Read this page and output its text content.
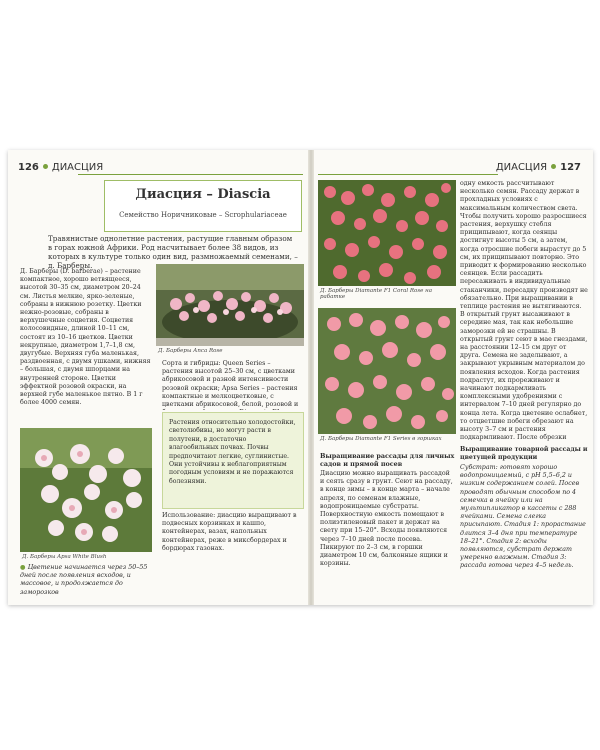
126 ДИАСЦИЯ	ДИАСЦИЯ 127
Диасция – Diascia
Семейство Норичниковые – Scrophulariaceae
Травянистые однолетние растения, растущие главным образом в горах южной Африки. Род насчитывает более 38 видов, из которых в культуре только один вид, размножаемый семенами, – д. Барберы.
Д. Барберы (D. barberae) – растение компактное, хорошо ветвящееся, высотой 30–35 см, диаметром 20–24 см. Листья мелкие, ярко-зеленые, собраны в нижнюю розетку. Цветки нежно-розовые, собраны в верхушечные соцветия. Соцветия колосовидные, длиной 10–11 см, состоят из 10–16 цветков. Цветки некрупные, диаметром 1,7–1,8 см, двугубые. Верхняя губа маленькая, раздвоенная, с двумя ушками, нижняя – большая, с двумя шпорцами на внутренней стороне. Цветки эффектной розовой окраски, на верхней губе маленькое пятно. В 1 г более 4000 семян.
Д. Барберы Апса Rose
Сорта и гибриды: Queen Series – растения высотой 25–30 см, с цветками абрикосовой и разной интенсивности розовой окраски; Apsa Series – растения компактные и мелкоцветковые, с цветками абрикосовой, белой, розовой и
Д. Барберы Apsa White Blush
Растения относительно холодостойки, светолюбивы, но могут расти в полутени, в достаточно влагообильных почвах. Почвы предпочитают легкие, суглинистые. Они устойчивы к неблагоприятным погодным условиям и не поражаются болезнями.
● Цветение начинается через 50–55 дней после появления всходов, и массовое, и продолжается до заморозков
Использование: диасцию выращивают в подвесных корзинках и кашпо, контейнерах, вазах, напольных контейнерах, реже в миксбордерах и бордюрах газонах.
Д. Барберы Diamante F1 Coral Rose на рабатке
Д. Барберы Diamante F1 Series в горшках
одну емкость рассчитывают несколько семян. Рассаду держат в прохладных условиях с максимальным количеством света. Чтобы получить хорошо разросшиеся растения, верхушку стебля прищипывают, когда сеянцы достигнут высоты 5 см, а затем, когда отросшие побеги вырастут до 5 см, их прищипывают повторно. Это приводит к формированию несколько сеянцев. Если рассадить пересаживать в индивидуальные стаканчики, пересадку производят не обязательно. При выращивании в теплице растения не вытягиваются. В открытый грунт высаживают в середине мая, так как небольшие заморозки ей не страшны. В открытый грунт сеют в мае гнездами, на расстоянии 12–15 см друг от друга. Семена не заделывают, а закрывают укрывным материалом до появления всходов. Когда растения подрастут, их прореживают и начинают подкармливать комплексными удобрениями с интервалом 7–10 дней регулярно до конца лета. Когда цветение ослабнет, то отцветшие побеги обрезают на высоту 3–7 см и растения подкармливают. После обрезки
Выращивание рассады для личных садов и прямой посев
Диасцию можно выращивать рассадой и сеять сразу в грунт. Сеют на рассаду, в конце зимы – в конце марта – начале апреля, по семенам влажные, водопроницаемые субстраты. Поверхностную емкость помещают в полиэтиленовый пакет и держат на свету при 15–20°. Всходы появляются через 7–10 дней после посева. Пикируют по 2–3 см, в горшки диаметром 10 см, балконные ящики и корзины.
Выращивание товарной рассады и цветущей продукции
Субстрат: готовят хорошо водопроницаемый, с pH 5,5–6,2 и низким содержанием солей. Посев проводят обычным способом по 4 семечка в ячейку или на мультипликатор в кассеты с 288 ячейками. Семена слегка присыпают. Стадия 1: прорастание длится 3–4 дня при температуре 18–21°. Стадия 2: всходы появляются, субстрат держат умеренно влажным. Стадия 3: рассада готова через 4–5 недель.
